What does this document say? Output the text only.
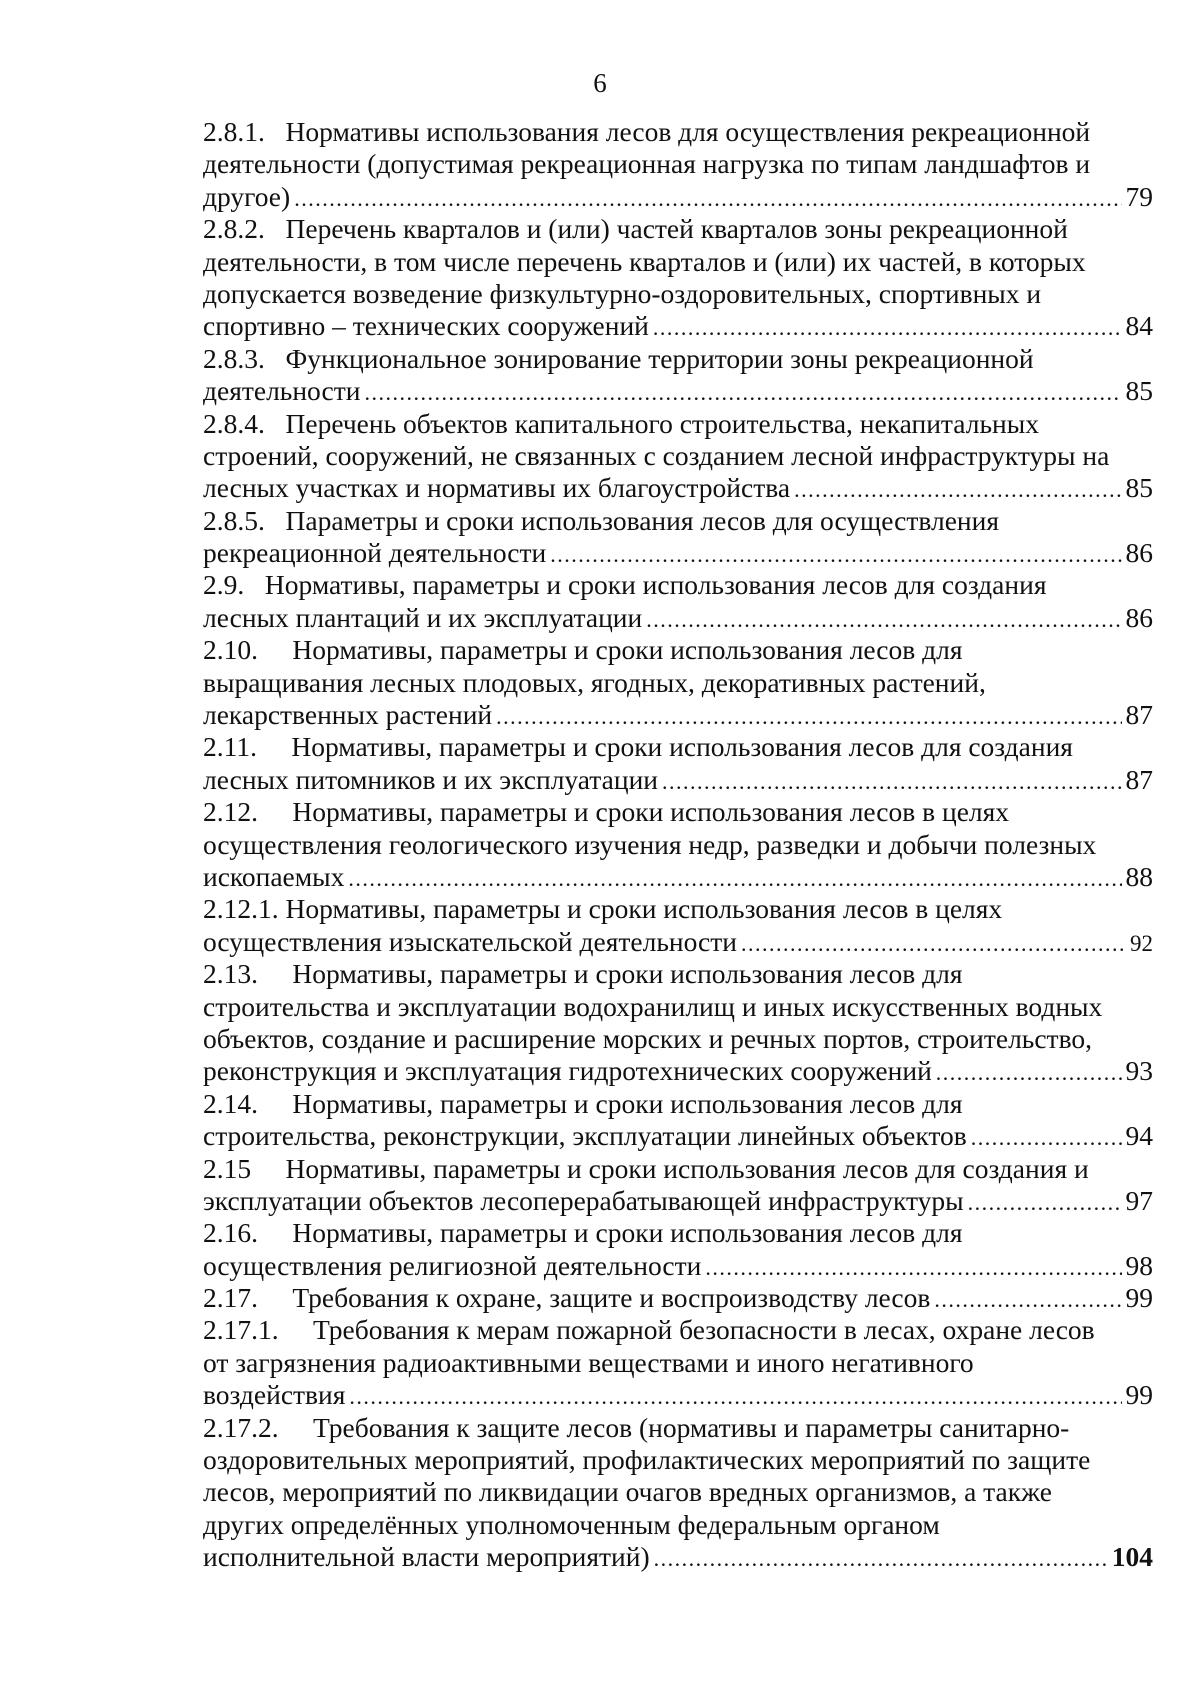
6
2.8.1.   Нормативы использования лесов для осуществления рекреационной
деятельности (допустимая рекреационная нагрузка по типам ландшафтов и
другое) . . .	79
2.8.2.   Перечень кварталов и (или) частей кварталов зоны рекреационной
деятельности, в том числе перечень кварталов и (или) их частей, в которых
допускается возведение физкультурно-оздоровительных, спортивных и
спортивно – технических сооружений . . .	84
2.8.3.   Функциональное зонирование территории зоны рекреационной
деятельности . . .	85
2.8.4.   Перечень объектов капитального строительства, некапитальных
строений, сооружений, не связанных с созданием лесной инфраструктуры на
лесных участках и нормативы их благоустройства . . .	85
2.8.5.   Параметры и сроки использования лесов для осуществления
рекреационной деятельности . . .	86
2.9.   Нормативы, параметры и сроки использования лесов для создания
лесных плантаций и их эксплуатации . . .	86
2.10.     Нормативы, параметры и сроки использования лесов для
выращивания лесных плодовых, ягодных, декоративных растений,
лекарственных растений . . .	87
2.11.     Нормативы, параметры и сроки использования лесов для создания
лесных питомников и их эксплуатации . . .	87
2.12.     Нормативы, параметры и сроки использования лесов в целях
осуществления геологического изучения недр, разведки и добычи полезных
ископаемых . . .	88
2.12.1. Нормативы, параметры и сроки использования лесов в целях
осуществления изыскательской деятельности . . .	92
2.13.     Нормативы, параметры и сроки использования лесов для
строительства и эксплуатации водохранилищ и иных искусственных водных
объектов, создание и расширение морских и речных портов, строительство,
реконструкция и эксплуатация гидротехнических сооружений . . .	93
2.14.     Нормативы, параметры и сроки использования лесов для
строительства, реконструкции, эксплуатации линейных объектов . . .	94
2.15     Нормативы, параметры и сроки использования лесов для создания и
эксплуатации объектов лесоперерабатывающей инфраструктуры . . .	97
2.16.     Нормативы, параметры и сроки использования лесов для
осуществления религиозной деятельности . . .	98
2.17.     Требования к охране, защите и воспроизводству лесов . . .	99
2.17.1.     Требования к мерам пожарной безопасности в лесах, охране лесов
от загрязнения радиоактивными веществами и иного негативного
воздействия . . .	99
2.17.2.     Требования к защите лесов (нормативы и параметры санитарно-
оздоровительных мероприятий, профилактических мероприятий по защите
лесов, мероприятий по ликвидации очагов вредных организмов, а также
других определённых уполномоченным федеральным органом
исполнительной власти мероприятий) . . .	104
